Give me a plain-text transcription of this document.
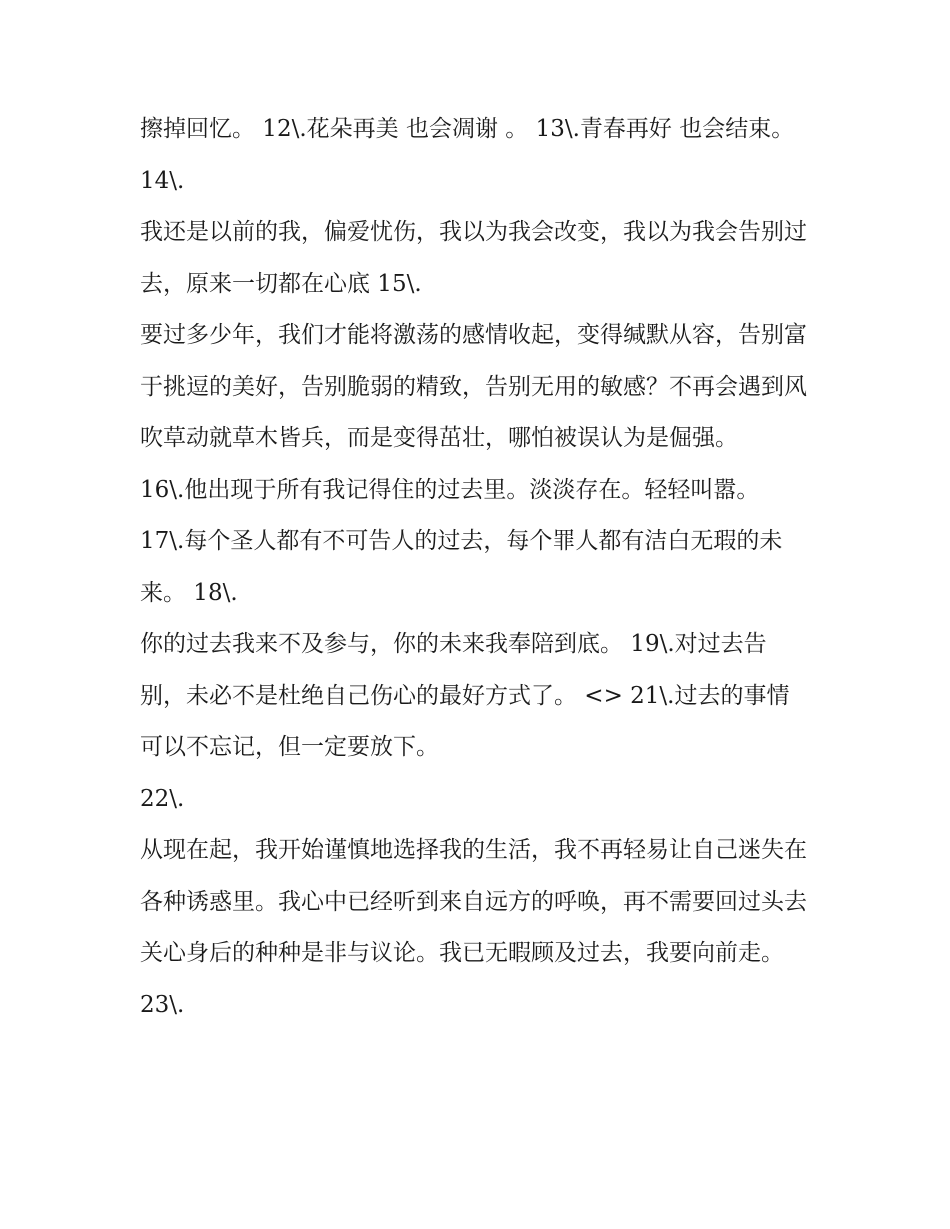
擦掉回忆。 12\.花朵再美 也会凋谢 。 13\.青春再好 也会结束。 14\.

我还是以前的我，偏爱忧伤，我以为我会改变，我以为我会告别过去，原来一切都在心底 15\.

要过多少年，我们才能将激荡的感情收起，变得缄默从容，告别富于挑逗的美好，告别脆弱的精致，告别无用的敏感？不再会遇到风吹草动就草木皆兵，而是变得茁壮，哪怕被误认为是倔强。

16\.他出现于所有我记得住的过去里。淡淡存在。轻轻叫嚣。

17\.每个圣人都有不可告人的过去，每个罪人都有洁白无瑕的未来。 18\.

你的过去我来不及参与，你的未来我奉陪到底。 19\.对过去告别，未必不是杜绝自己伤心的最好方式了。 <> 21\.过去的事情可以不忘记，但一定要放下。

22\.

从现在起，我开始谨慎地选择我的生活，我不再轻易让自己迷失在各种诱惑里。我心中已经听到来自远方的呼唤，再不需要回过头去关心身后的种种是非与议论。我已无暇顾及过去，我要向前走。

23\.
